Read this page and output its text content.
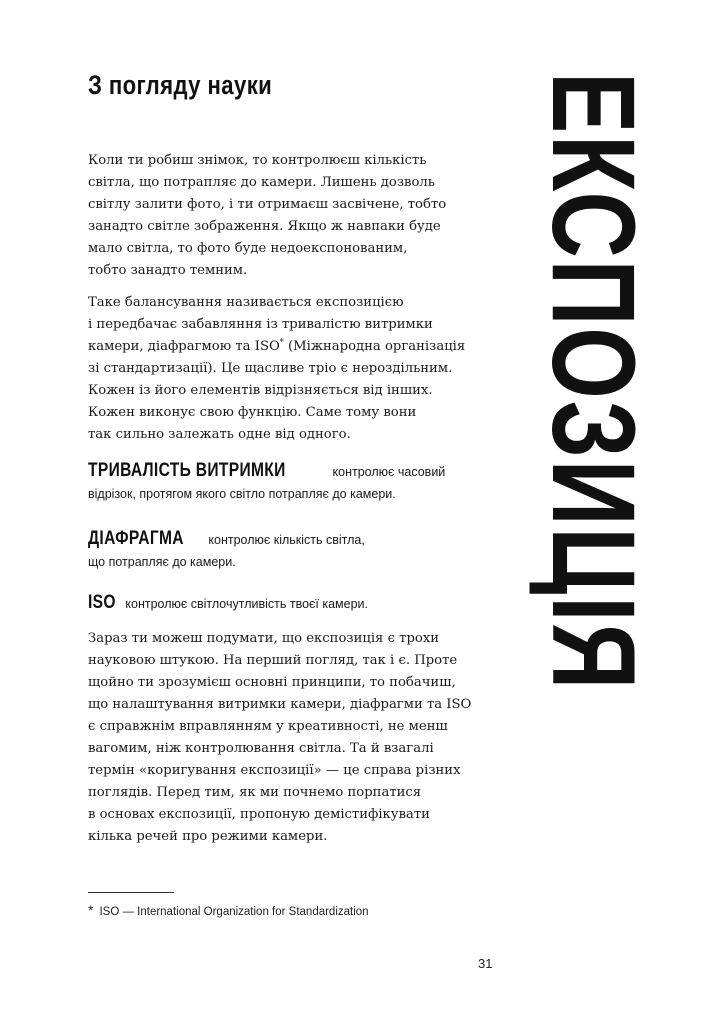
З погляду науки

Коли ти робиш знімок, то контролюєш кількість
світла, що потрапляє до камери. Лишень дозволь
світлу залити фото, і ти отримаєш засвічене, тобто
занадто світле зображення. Якщо ж навпаки буде
мало світла, то фото буде недоекспонованим,
тобто занадто темним.

Таке балансування називається експозицією
і передбачає забавляння із тривалістю витримки
камери, діафрагмою та ISO* (Міжнародна організація
зі стандартизації). Це щасливе тріо є нероздільним.
Кожен із його елементів відрізняється від інших.
Кожен виконує свою функцію. Саме тому вони
так сильно залежать одне від одного.

ТРИВАЛІСТЬ ВИТРИМКИ	контролює часовий
відрізок, протягом якого світло потрапляє до камери.

ДІАФРАГМА контролює кількість світла,
що потрапляє до камери.

ISO контролює світлочутливість твоєї камери.

Зараз ти можеш подумати, що експозиція є трохи
науковою штукою. На перший погляд, так і є. Проте
щойно ти зрозумієш основні принципи, то побачиш,
що налаштування витримки камери, діафрагми та ISO
є справжнім вправлянням у креативності, не менш
вагомим, ніж контролювання світла. Та й взагалі
термін «коригування експозиції» — це справа різних
поглядів. Перед тим, як ми почнемо порпатися
в основах експозиції, пропоную демістифікувати
кілька речей про режими камери.

* ISO — International Organization for Standardization

31
ЕКСПОЗИЦІЯ
